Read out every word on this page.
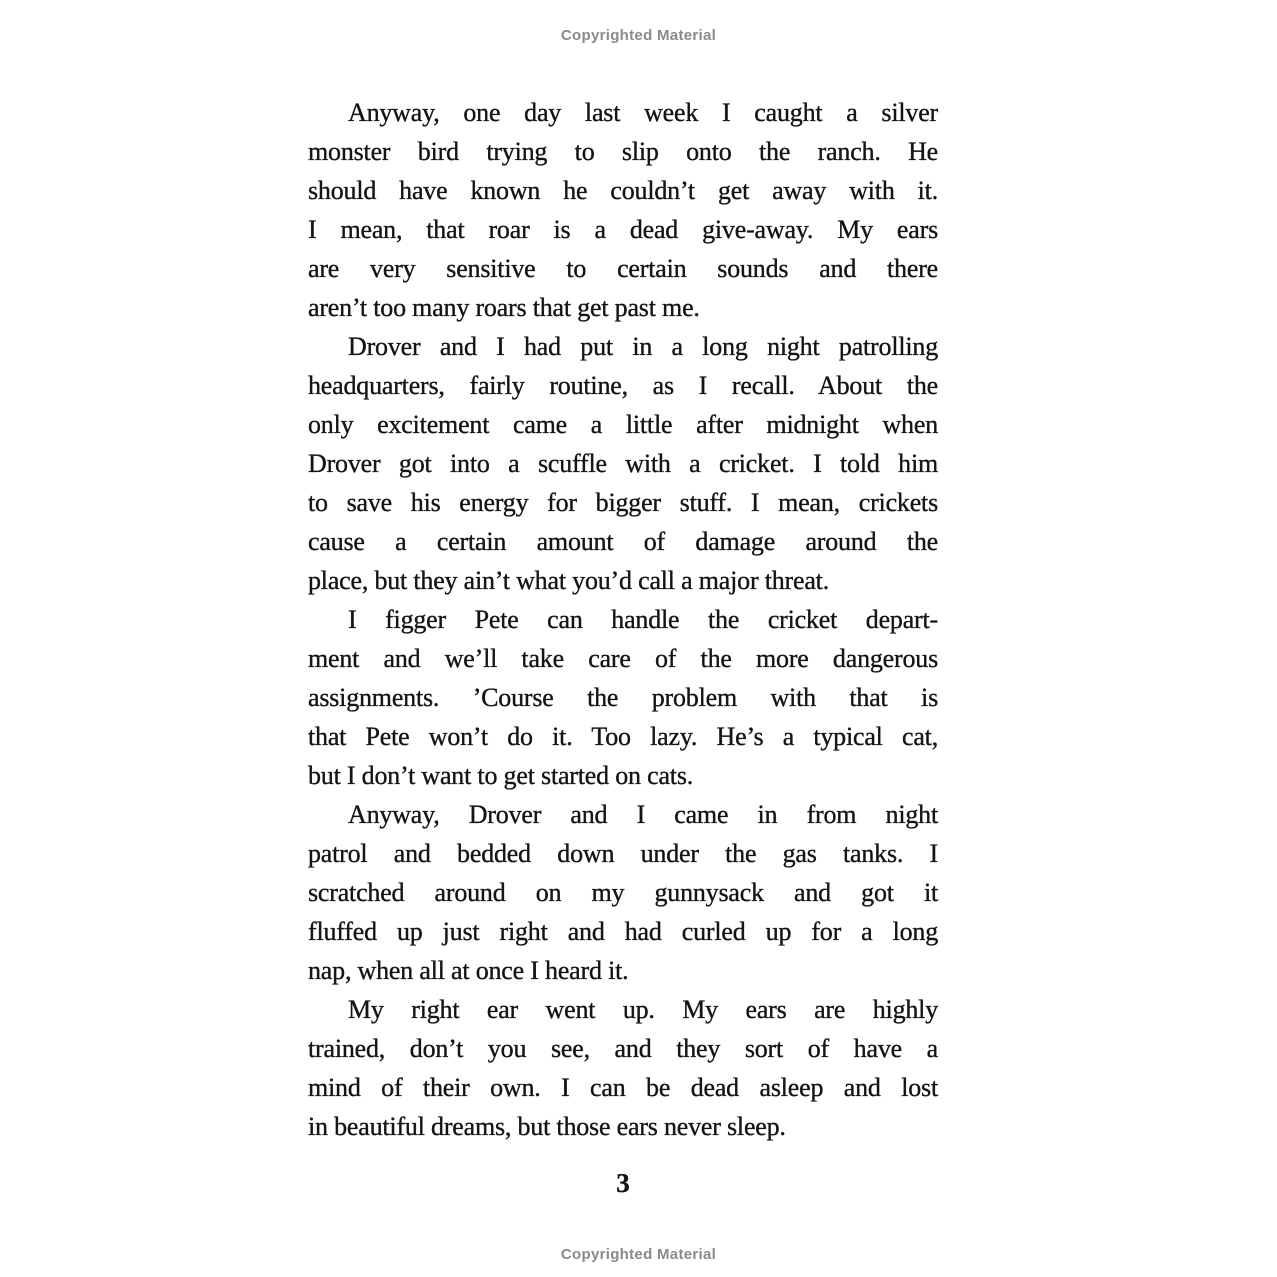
Copyrighted Material
Anyway, one day last week I caught a silver
monster bird trying to slip onto the ranch. He
should have known he couldn’t get away with it.
I mean, that roar is a dead give-away. My ears
are very sensitive to certain sounds and there
aren’t too many roars that get past me.
Drover and I had put in a long night patrolling
headquarters, fairly routine, as I recall. About the
only excitement came a little after midnight when
Drover got into a scuffle with a cricket. I told him
to save his energy for bigger stuff. I mean, crickets
cause a certain amount of damage around the
place, but they ain’t what you’d call a major threat.
I figger Pete can handle the cricket depart-
ment and we’ll take care of the more dangerous
assignments. ’Course the problem with that is
that Pete won’t do it. Too lazy. He’s a typical cat,
but I don’t want to get started on cats.
Anyway, Drover and I came in from night
patrol and bedded down under the gas tanks. I
scratched around on my gunnysack and got it
fluffed up just right and had curled up for a long
nap, when all at once I heard it.
My right ear went up. My ears are highly
trained, don’t you see, and they sort of have a
mind of their own. I can be dead asleep and lost
in beautiful dreams, but those ears never sleep.
3
Copyrighted Material
